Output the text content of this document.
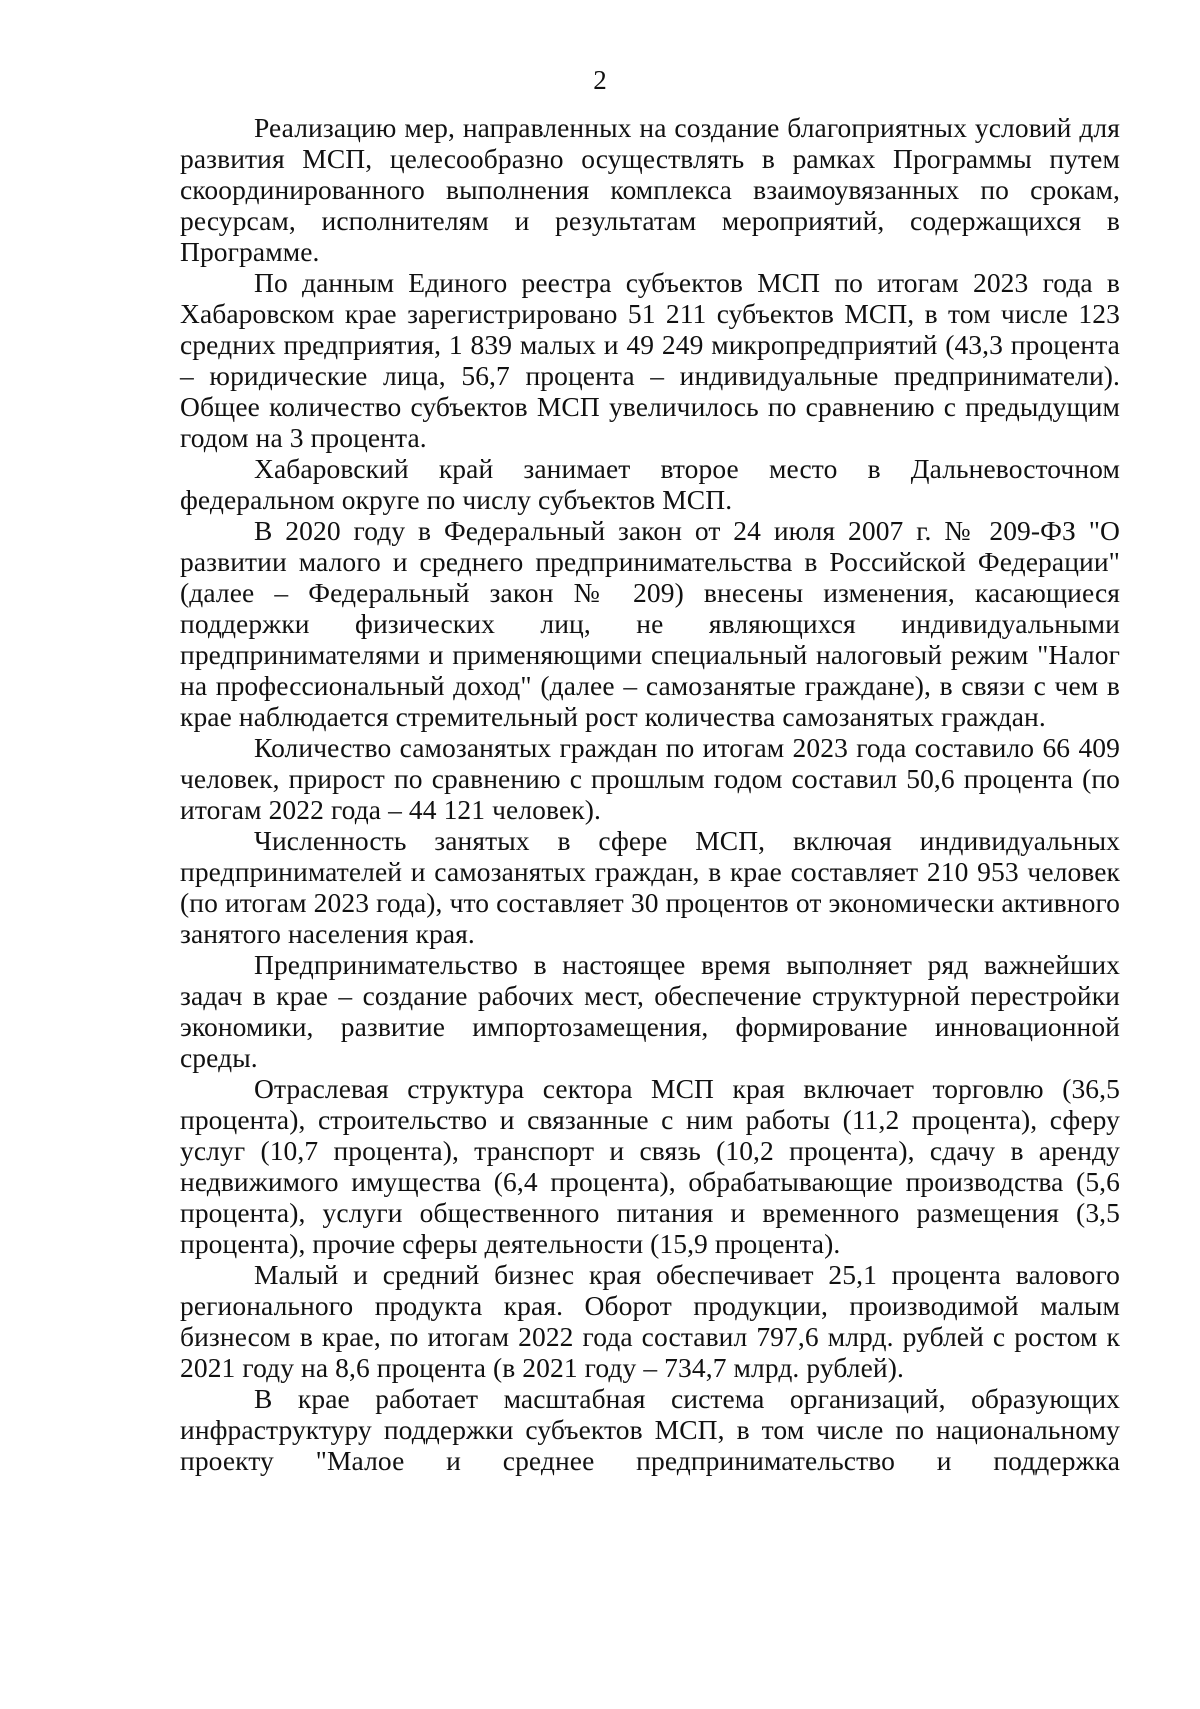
2

Реализацию мер, направленных на создание благоприятных условий для развития МСП, целесообразно осуществлять в рамках Программы путем скоординированного выполнения комплекса взаимоувязанных по срокам, ресурсам, исполнителям и результатам мероприятий, содержащихся в Программе.

По данным Единого реестра субъектов МСП по итогам 2023 года в Хабаровском крае зарегистрировано 51 211 субъектов МСП, в том числе 123 средних предприятия, 1 839 малых и 49 249 микропредприятий (43,3 процента – юридические лица, 56,7 процента – индивидуальные предприниматели). Общее количество субъектов МСП увеличилось по сравнению с предыдущим годом на 3 процента.

Хабаровский край занимает второе место в Дальневосточном федеральном округе по числу субъектов МСП.

В 2020 году в Федеральный закон от 24 июля 2007 г. № 209-ФЗ "О развитии малого и среднего предпринимательства в Российской Федерации" (далее – Федеральный закон № 209) внесены изменения, касающиеся поддержки физических лиц, не являющихся индивидуальными предпринимателями и применяющими специальный налоговый режим "Налог на профессиональный доход" (далее – самозанятые граждане), в связи с чем в крае наблюдается стремительный рост количества самозанятых граждан.

Количество самозанятых граждан по итогам 2023 года составило 66 409 человек, прирост по сравнению с прошлым годом составил 50,6 процента (по итогам 2022 года – 44 121 человек).

Численность занятых в сфере МСП, включая индивидуальных предпринимателей и самозанятых граждан, в крае составляет 210 953 человек (по итогам 2023 года), что составляет 30 процентов от экономически активного занятого населения края.

Предпринимательство в настоящее время выполняет ряд важнейших задач в крае – создание рабочих мест, обеспечение структурной перестройки экономики, развитие импортозамещения, формирование инновационной среды.

Отраслевая структура сектора МСП края включает торговлю (36,5 процента), строительство и связанные с ним работы (11,2 процента), сферу услуг (10,7 процента), транспорт и связь (10,2 процента), сдачу в аренду недвижимого имущества (6,4 процента), обрабатывающие производства (5,6 процента), услуги общественного питания и временного размещения (3,5 процента), прочие сферы деятельности (15,9 процента).

Малый и средний бизнес края обеспечивает 25,1 процента валового регионального продукта края. Оборот продукции, производимой малым бизнесом в крае, по итогам 2022 года составил 797,6 млрд. рублей с ростом к 2021 году на 8,6 процента (в 2021 году – 734,7 млрд. рублей).

В крае работает масштабная система организаций, образующих инфраструктуру поддержки субъектов МСП, в том числе по национальному проекту "Малое и среднее предпринимательство и поддержка
